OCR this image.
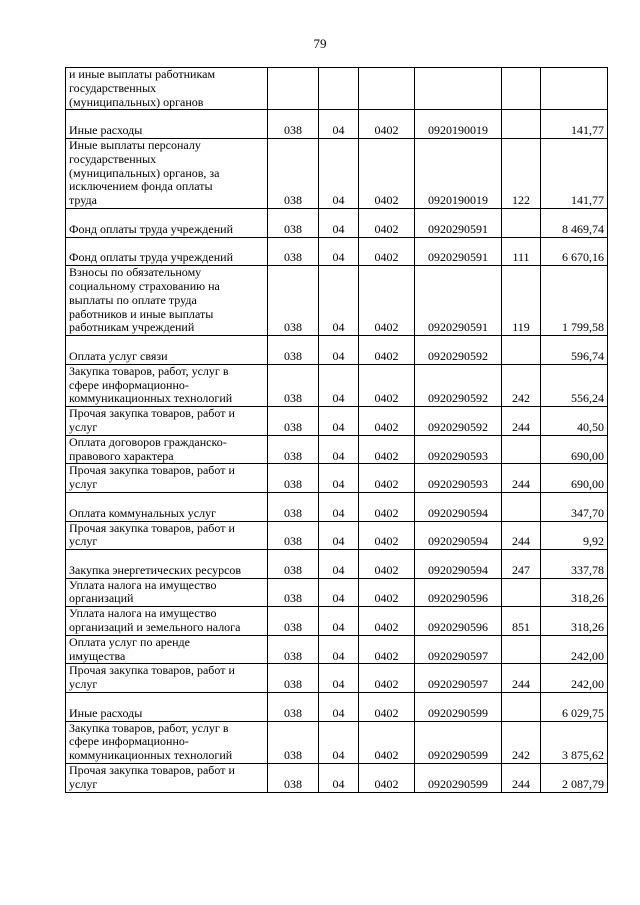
79
и иные выплаты работникам
государственных
(муниципальных) органов						

Иные расходы	038	04	0402	0920190019		141,77
Иные выплаты персоналу
государственных
(муниципальных) органов, за
исключением фонда оплаты
труда	038	04	0402	0920190019	122	141,77

Фонд оплаты труда учреждений	038	04	0402	0920290591		8 469,74

Фонд оплаты труда учреждений	038	04	0402	0920290591	111	6 670,16
Взносы по обязательному
социальному страхованию на
выплаты по оплате труда
работников и иные выплаты
работникам учреждений	038	04	0402	0920290591	119	1 799,58

Оплата услуг связи	038	04	0402	0920290592		596,74
Закупка товаров, работ, услуг в
сфере информационно-
коммуникационных технологий	038	04	0402	0920290592	242	556,24
Прочая закупка товаров, работ и
услуг	038	04	0402	0920290592	244	40,50
Оплата договоров гражданско-
правового характера	038	04	0402	0920290593		690,00
Прочая закупка товаров, работ и
услуг	038	04	0402	0920290593	244	690,00

Оплата коммунальных услуг	038	04	0402	0920290594		347,70
Прочая закупка товаров, работ и
услуг	038	04	0402	0920290594	244	9,92

Закупка энергетических ресурсов	038	04	0402	0920290594	247	337,78
Уплата налога на имущество
организаций	038	04	0402	0920290596		318,26
Уплата налога на имущество
организаций и земельного налога	038	04	0402	0920290596	851	318,26
Оплата услуг по аренде
имущества	038	04	0402	0920290597		242,00
Прочая закупка товаров, работ и
услуг	038	04	0402	0920290597	244	242,00

Иные расходы	038	04	0402	0920290599		6 029,75
Закупка товаров, работ, услуг в
сфере информационно-
коммуникационных технологий	038	04	0402	0920290599	242	3 875,62
Прочая закупка товаров, работ и
услуг	038	04	0402	0920290599	244	2 087,79
